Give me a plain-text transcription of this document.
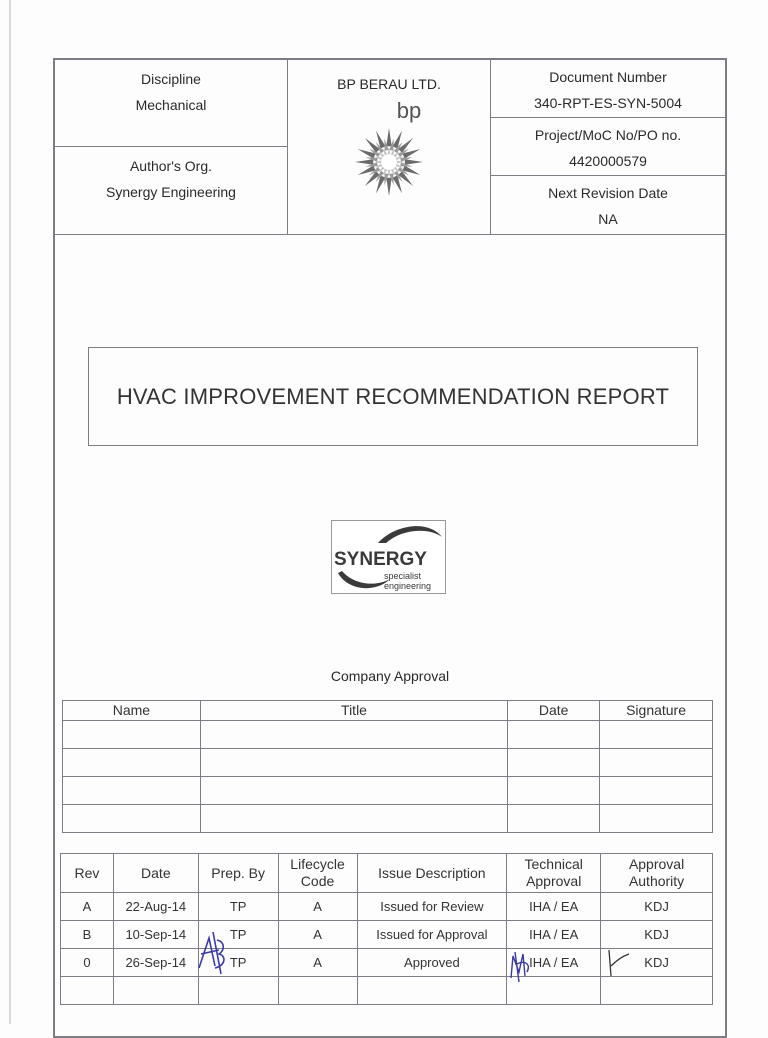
Discipline
Mechanical
Author's Org.
Synergy Engineering
BP BERAU LTD.
bp
Document Number
340-RPT-ES-SYN-5004
Project/MoC No/PO no.
4420000579
Next Revision Date
NA
HVAC IMPROVEMENT RECOMMENDATION REPORT
SYNERGY
specialist
engineering
Company Approval
Name	Title	Date	Signature

Rev	Date	Prep. By	Lifecycle Code	Issue Description	Technical Approval	Approval Authority
A	22-Aug-14	TP	A	Issued for Review	IHA / EA	KDJ
B	10-Sep-14	TP	A	Issued for Approval	IHA / EA	KDJ
0	26-Sep-14	TP	A	Approved	IHA / EA	KDJ
